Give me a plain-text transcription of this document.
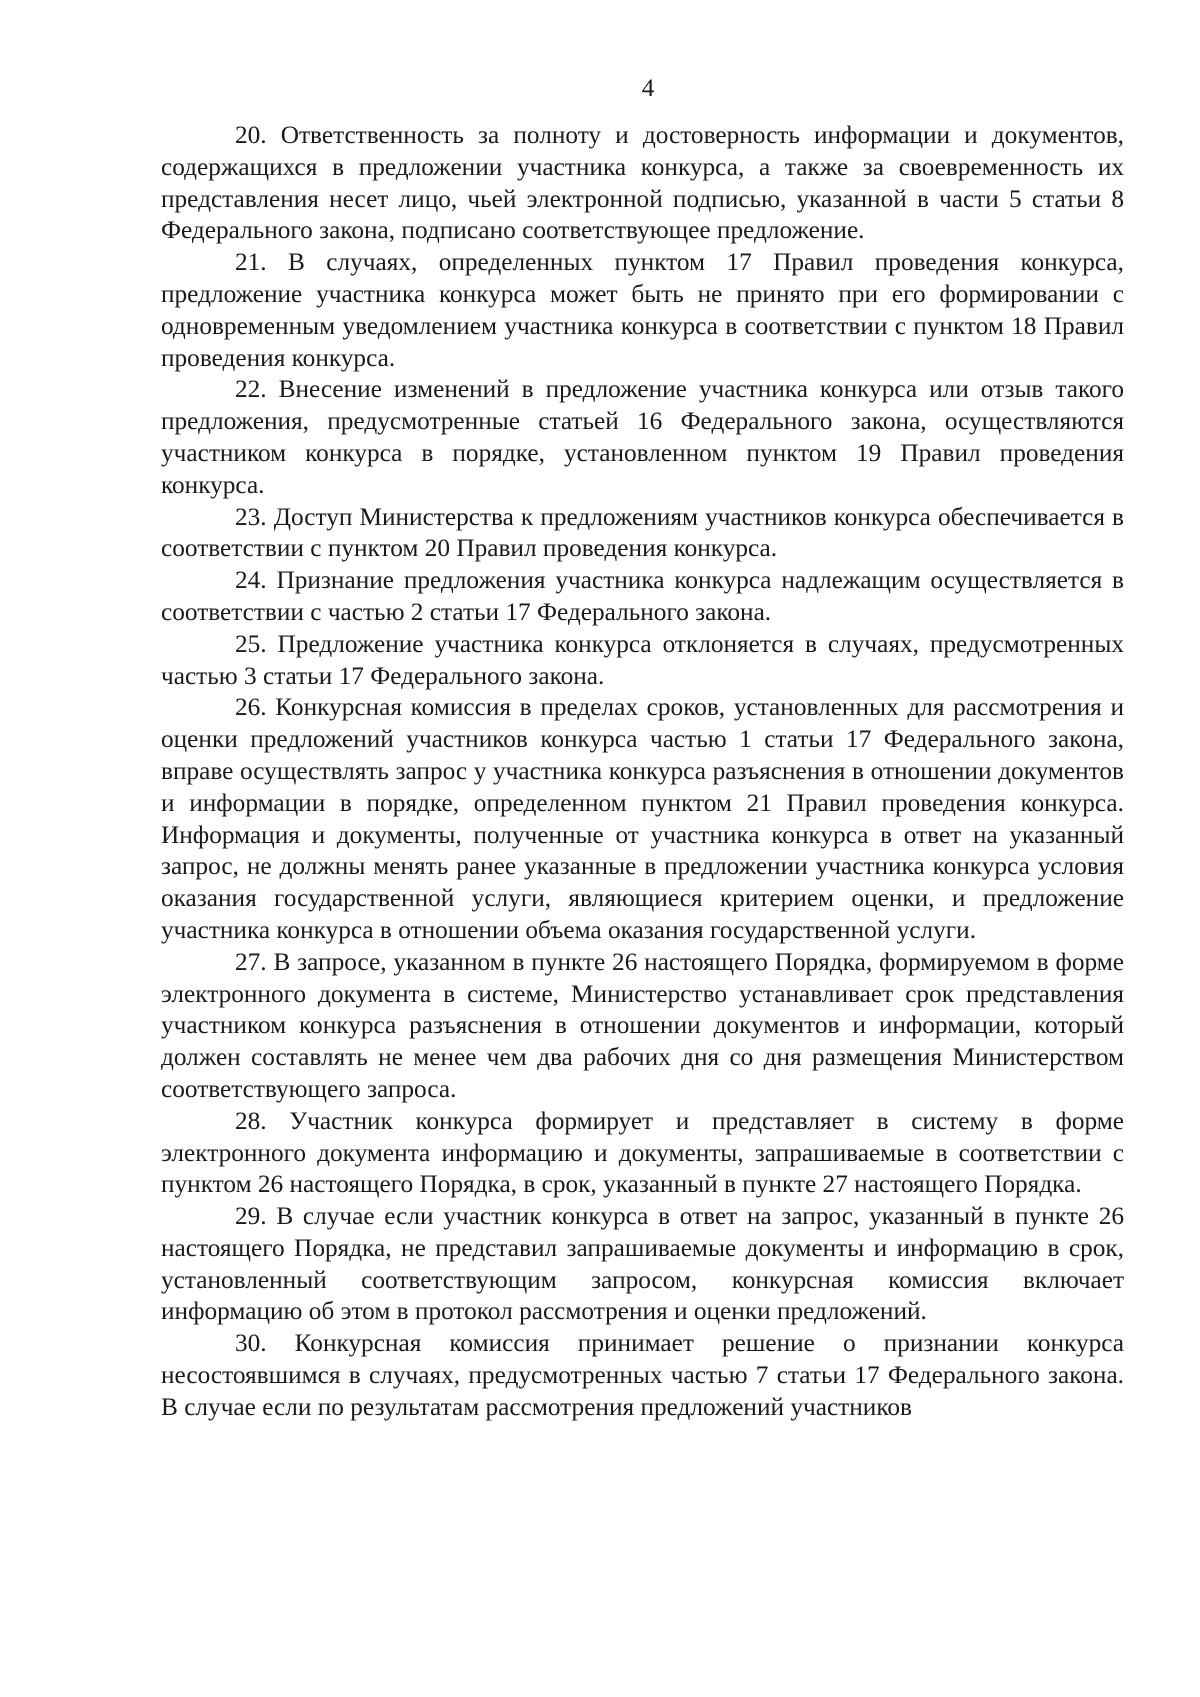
4

20. Ответственность за полноту и достоверность информации и документов, содержащихся в предложении участника конкурса, а также за своевременность их представления несет лицо, чьей электронной подписью, указанной в части 5 статьи 8 Федерального закона, подписано соответствующее предложение.

21. В случаях, определенных пунктом 17 Правил проведения конкурса, предложение участника конкурса может быть не принято при его формировании с одновременным уведомлением участника конкурса в соответствии с пунктом 18 Правил проведения конкурса.

22. Внесение изменений в предложение участника конкурса или отзыв такого предложения, предусмотренные статьей 16 Федерального закона, осуществляются участником конкурса в порядке, установленном пунктом 19 Правил проведения конкурса.

23. Доступ Министерства к предложениям участников конкурса обеспечивается в соответствии с пунктом 20 Правил проведения конкурса.

24. Признание предложения участника конкурса надлежащим осуществляется в соответствии с частью 2 статьи 17 Федерального закона.

25. Предложение участника конкурса отклоняется в случаях, предусмотренных частью 3 статьи 17 Федерального закона.

26. Конкурсная комиссия в пределах сроков, установленных для рассмотрения и оценки предложений участников конкурса частью 1 статьи 17 Федерального закона, вправе осуществлять запрос у участника конкурса разъяснения в отношении документов и информации в порядке, определенном пунктом 21 Правил проведения конкурса. Информация и документы, полученные от участника конкурса в ответ на указанный запрос, не должны менять ранее указанные в предложении участника конкурса условия оказания государственной услуги, являющиеся критерием оценки, и предложение участника конкурса в отношении объема оказания государственной услуги.

27. В запросе, указанном в пункте 26 настоящего Порядка, формируемом в форме электронного документа в системе, Министерство устанавливает срок представления участником конкурса разъяснения в отношении документов и информации, который должен составлять не менее чем два рабочих дня со дня размещения Министерством соответствующего запроса.

28. Участник конкурса формирует и представляет в систему в форме электронного документа информацию и документы, запрашиваемые в соответствии с пунктом 26 настоящего Порядка, в срок, указанный в пункте 27 настоящего Порядка.

29. В случае если участник конкурса в ответ на запрос, указанный в пункте 26 настоящего Порядка, не представил запрашиваемые документы и информацию в срок, установленный соответствующим запросом, конкурсная комиссия включает информацию об этом в протокол рассмотрения и оценки предложений.

30. Конкурсная комиссия принимает решение о признании конкурса несостоявшимся в случаях, предусмотренных частью 7 статьи 17 Федерального закона. В случае если по результатам рассмотрения предложений участников
